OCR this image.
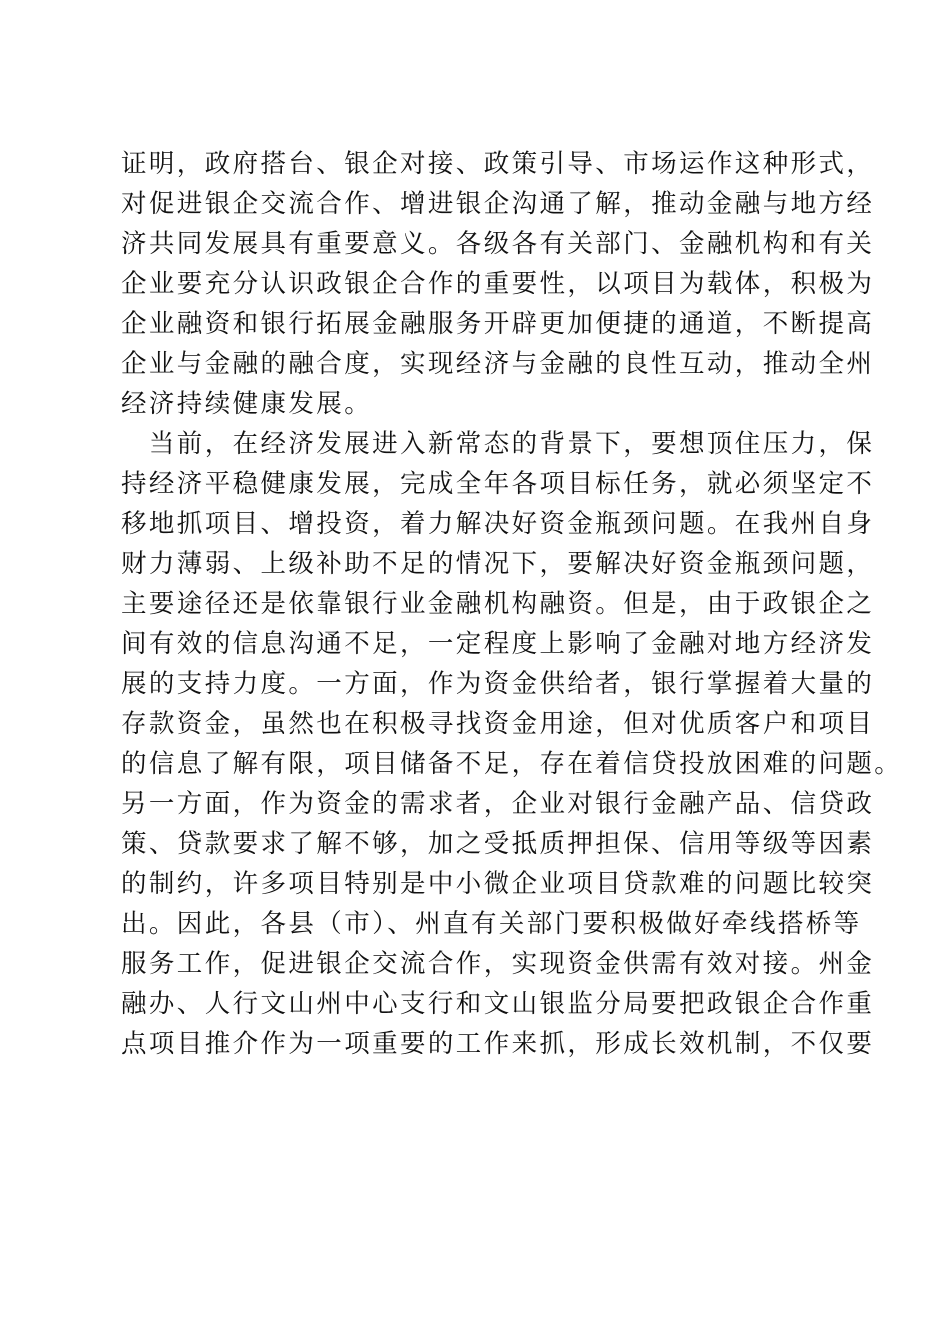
证明，政府搭台、银企对接、政策引导、市场运作这种形式，
对促进银企交流合作、增进银企沟通了解，推动金融与地方经
济共同发展具有重要意义。各级各有关部门、金融机构和有关
企业要充分认识政银企合作的重要性，以项目为载体，积极为
企业融资和银行拓展金融服务开辟更加便捷的通道，不断提高
企业与金融的融合度，实现经济与金融的良性互动，推动全州
经济持续健康发展。
　当前，在经济发展进入新常态的背景下，要想顶住压力，保
持经济平稳健康发展，完成全年各项目标任务，就必须坚定不
移地抓项目、增投资，着力解决好资金瓶颈问题。在我州自身
财力薄弱、上级补助不足的情况下，要解决好资金瓶颈问题，
主要途径还是依靠银行业金融机构融资。但是，由于政银企之
间有效的信息沟通不足，一定程度上影响了金融对地方经济发
展的支持力度。一方面，作为资金供给者，银行掌握着大量的
存款资金，虽然也在积极寻找资金用途，但对优质客户和项目
的信息了解有限，项目储备不足，存在着信贷投放困难的问题。
另一方面，作为资金的需求者，企业对银行金融产品、信贷政
策、贷款要求了解不够，加之受抵质押担保、信用等级等因素
的制约，许多项目特别是中小微企业项目贷款难的问题比较突
出。因此，各县（市）、州直有关部门要积极做好牵线搭桥等
服务工作，促进银企交流合作，实现资金供需有效对接。州金
融办、人行文山州中心支行和文山银监分局要把政银企合作重
点项目推介作为一项重要的工作来抓，形成长效机制，不仅要
